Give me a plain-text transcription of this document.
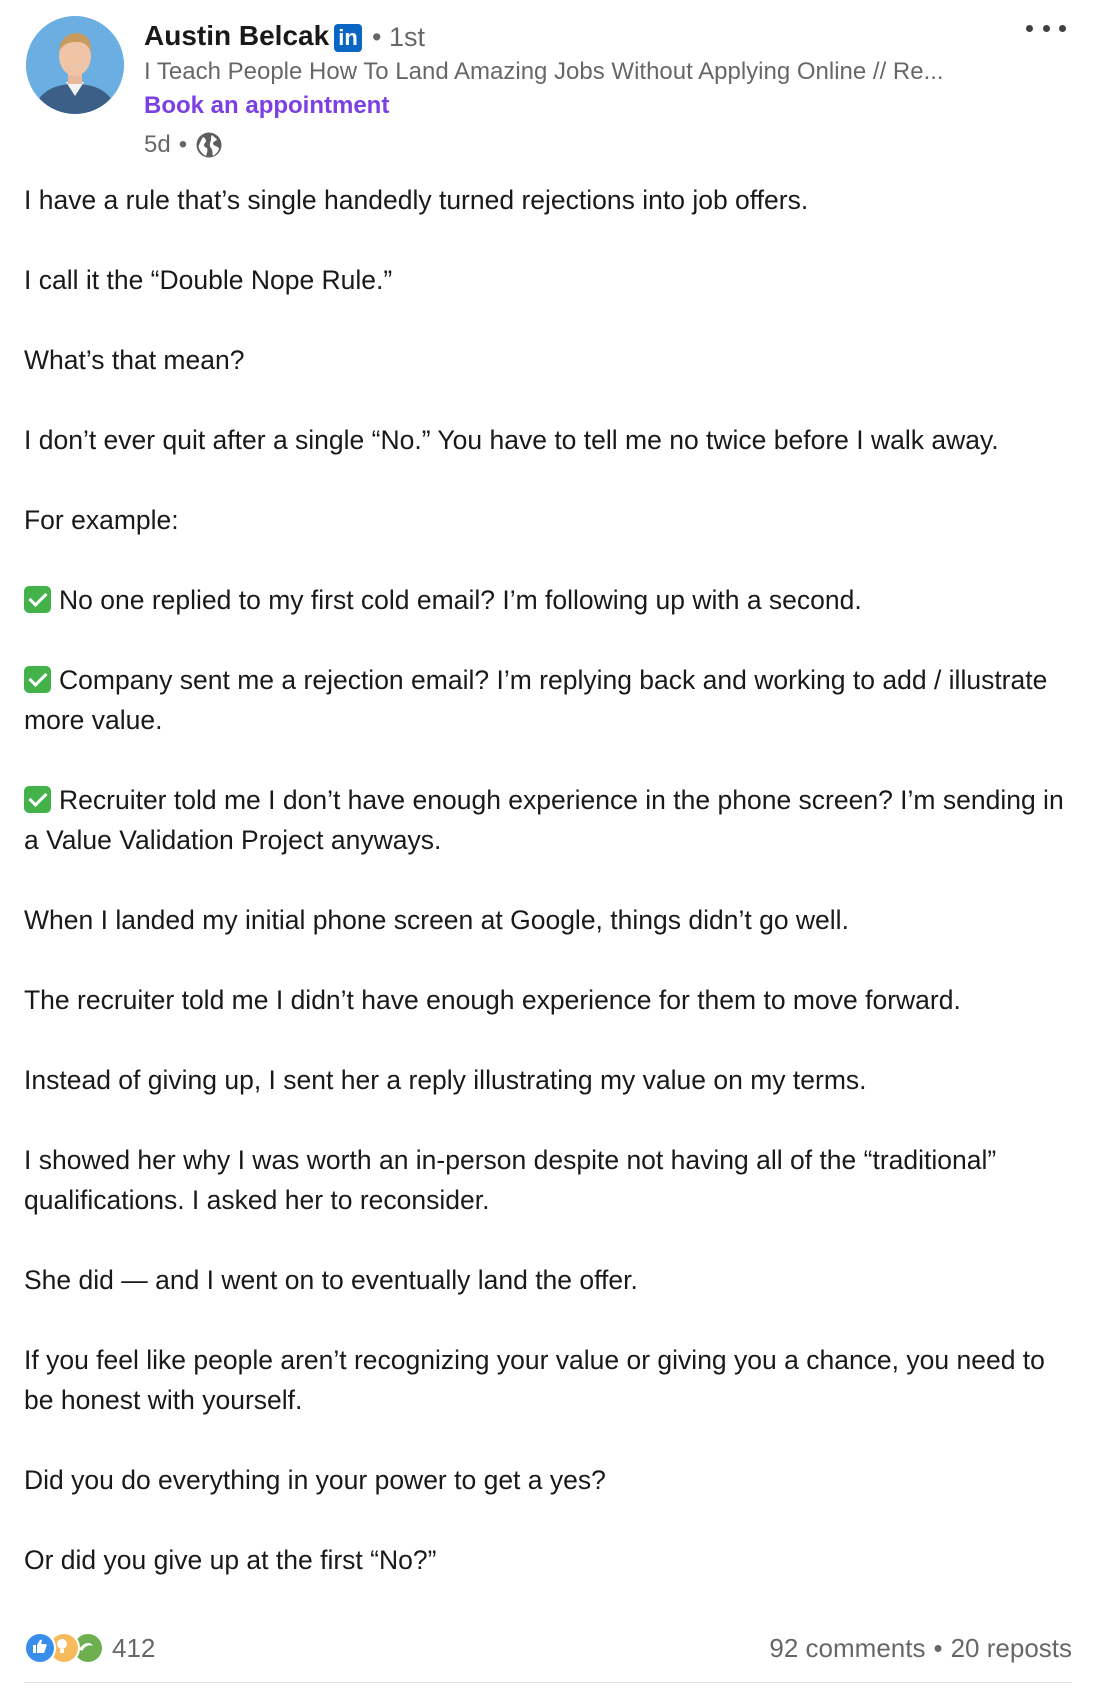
Austin Belcak in • 1st
I Teach People How To Land Amazing Jobs Without Applying Online // Re...
Book an appointment
5d •

I have a rule that’s single handedly turned rejections into job offers.

I call it the “Double Nope Rule.”

What’s that mean?

I don’t ever quit after a single “No.” You have to tell me no twice before I walk away.

For example:

No one replied to my first cold email? I’m following up with a second.

Company sent me a rejection email? I’m replying back and working to add / illustrate more value.

Recruiter told me I don’t have enough experience in the phone screen? I’m sending in a Value Validation Project anyways.

When I landed my initial phone screen at Google, things didn’t go well.

The recruiter told me I didn’t have enough experience for them to move forward.

Instead of giving up, I sent her a reply illustrating my value on my terms.

I showed her why I was worth an in-person despite not having all of the “traditional” qualifications. I asked her to reconsider.

She did — and I went on to eventually land the offer.

If you feel like people aren’t recognizing your value or giving you a chance, you need to be honest with yourself.

Did you do everything in your power to get a yes?

Or did you give up at the first “No?”

412	92 comments • 20 reposts
